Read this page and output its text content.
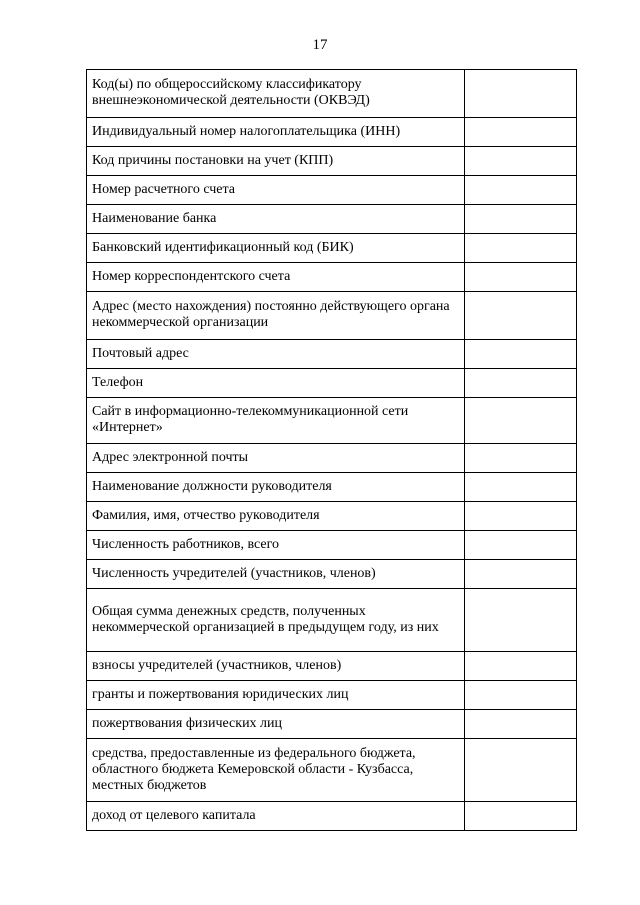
17
Код(ы) по общероссийскому классификатору внешнеэкономической деятельности (ОКВЭД)	
Индивидуальный номер налогоплательщика (ИНН)	
Код причины постановки на учет (КПП)	
Номер расчетного счета	
Наименование банка	
Банковский идентификационный код (БИК)	
Номер корреспондентского счета	
Адрес (место нахождения) постоянно действующего органа некоммерческой организации	
Почтовый адрес	
Телефон	
Сайт в информационно-телекоммуникационной сети «Интернет»	
Адрес электронной почты	
Наименование должности руководителя	
Фамилия, имя, отчество руководителя	
Численность работников, всего	
Численность учредителей (участников, членов)	
Общая сумма денежных средств, полученных некоммерческой организацией в предыдущем году, из них	
взносы учредителей (участников, членов)	
гранты и пожертвования юридических лиц	
пожертвования физических лиц	
средства, предоставленные из федерального бюджета, областного бюджета Кемеровской области - Кузбасса, местных бюджетов	
доход от целевого капитала	
